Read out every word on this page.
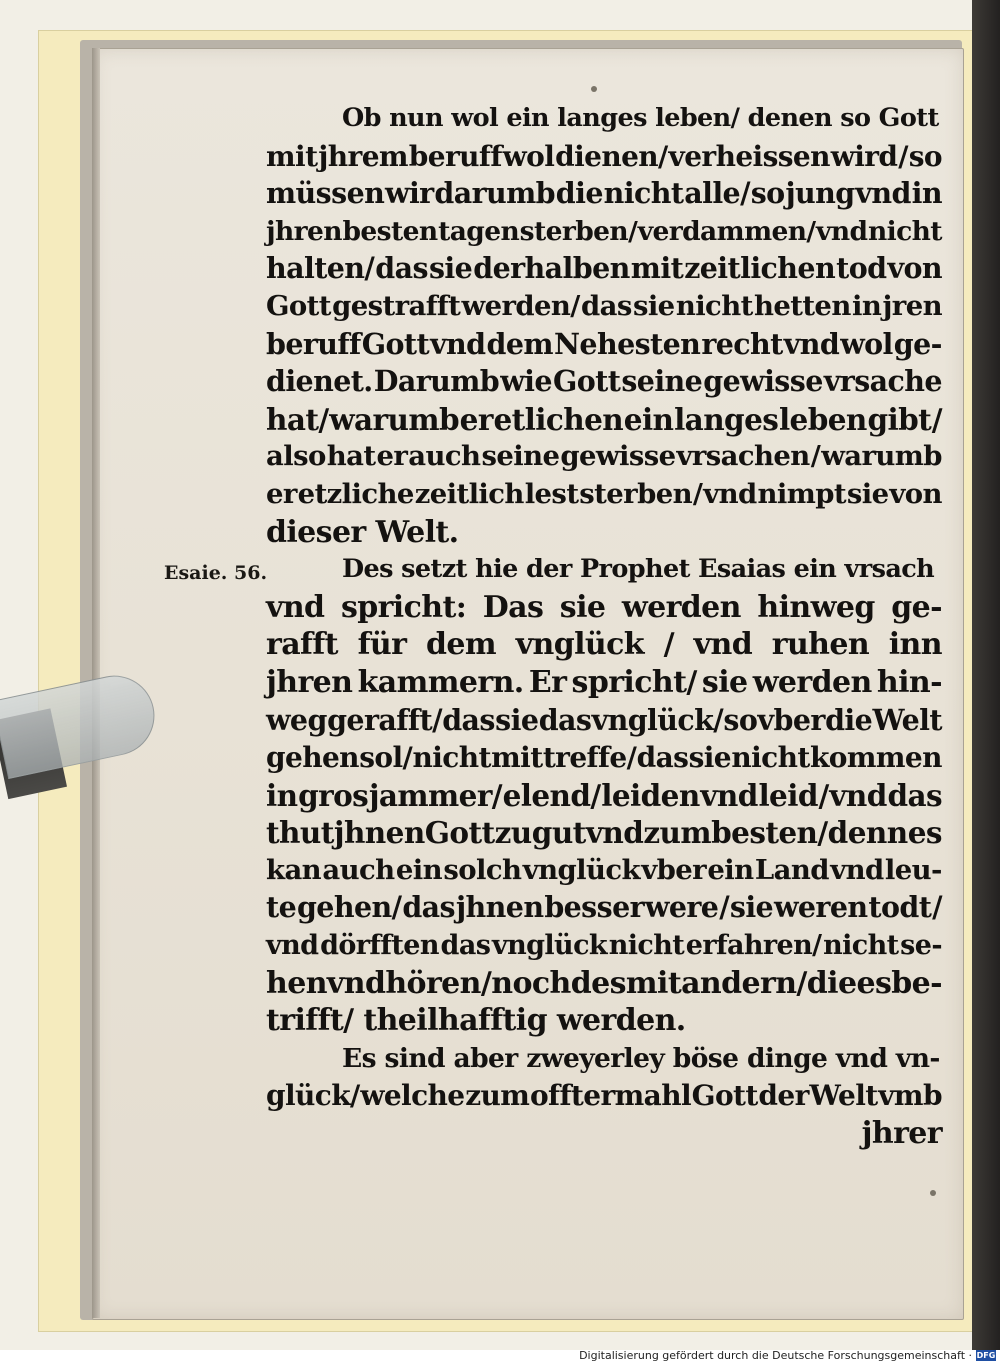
Esaie. 56.
Ob nun wol ein langes leben/ denen so Gott
mit jhrem beruff wol dienen/ verheissen wird / so
müssen wir darumb die nicht alle/ so jung vnd in
jhren besten tagen sterben/ verdammen/ vnd nicht
halten/ das sie derhalben mit zeitlichen tod von
Gott gestrafft werden/ das sie nicht hetten in jren
beruff Gott vnd dem Nehesten recht vnd wol ge-
dienet. Darumb wie Gott seine gewisse vrsache
hat/ warumb er etlichen ein langes leben gibt /
also hat er auch seine gewisse vrsachen / warumb
er etzliche zeitlich lest sterben / vnd nimpt sie von
dieser Welt.
Des setzt hie der Prophet Esaias ein vrsach
vnd spricht: Das sie werden hinweg ge-
rafft für dem vnglück / vnd ruhen inn
jhren kammern. Er spricht/ sie werden hin-
weg gerafft/ das sie das vnglück/ so vber die Welt
gehen sol/ nicht mit treffe/ das sie nicht kommen
in gros jammer/ elend/ leiden vnd leid / vnd das
thut jhnen Gott zu gut vnd zum besten/ denn es
kan auch ein solch vnglück vber ein Land vnd leu-
te gehen/ das jhnen besser were / sie weren todt /
vnd dörfften das vnglück nicht erfahren/ nicht se-
hen vnd hören / noch des mit andern/ die es be-
trifft/ theilhafftig werden.
Es sind aber zweyerley böse dinge vnd vn-
glück/ welche zum offtermahl Gott der Welt vmb
jhrer
Digitalisierung gefördert durch die Deutsche Forschungsgemeinschaft · DFG
